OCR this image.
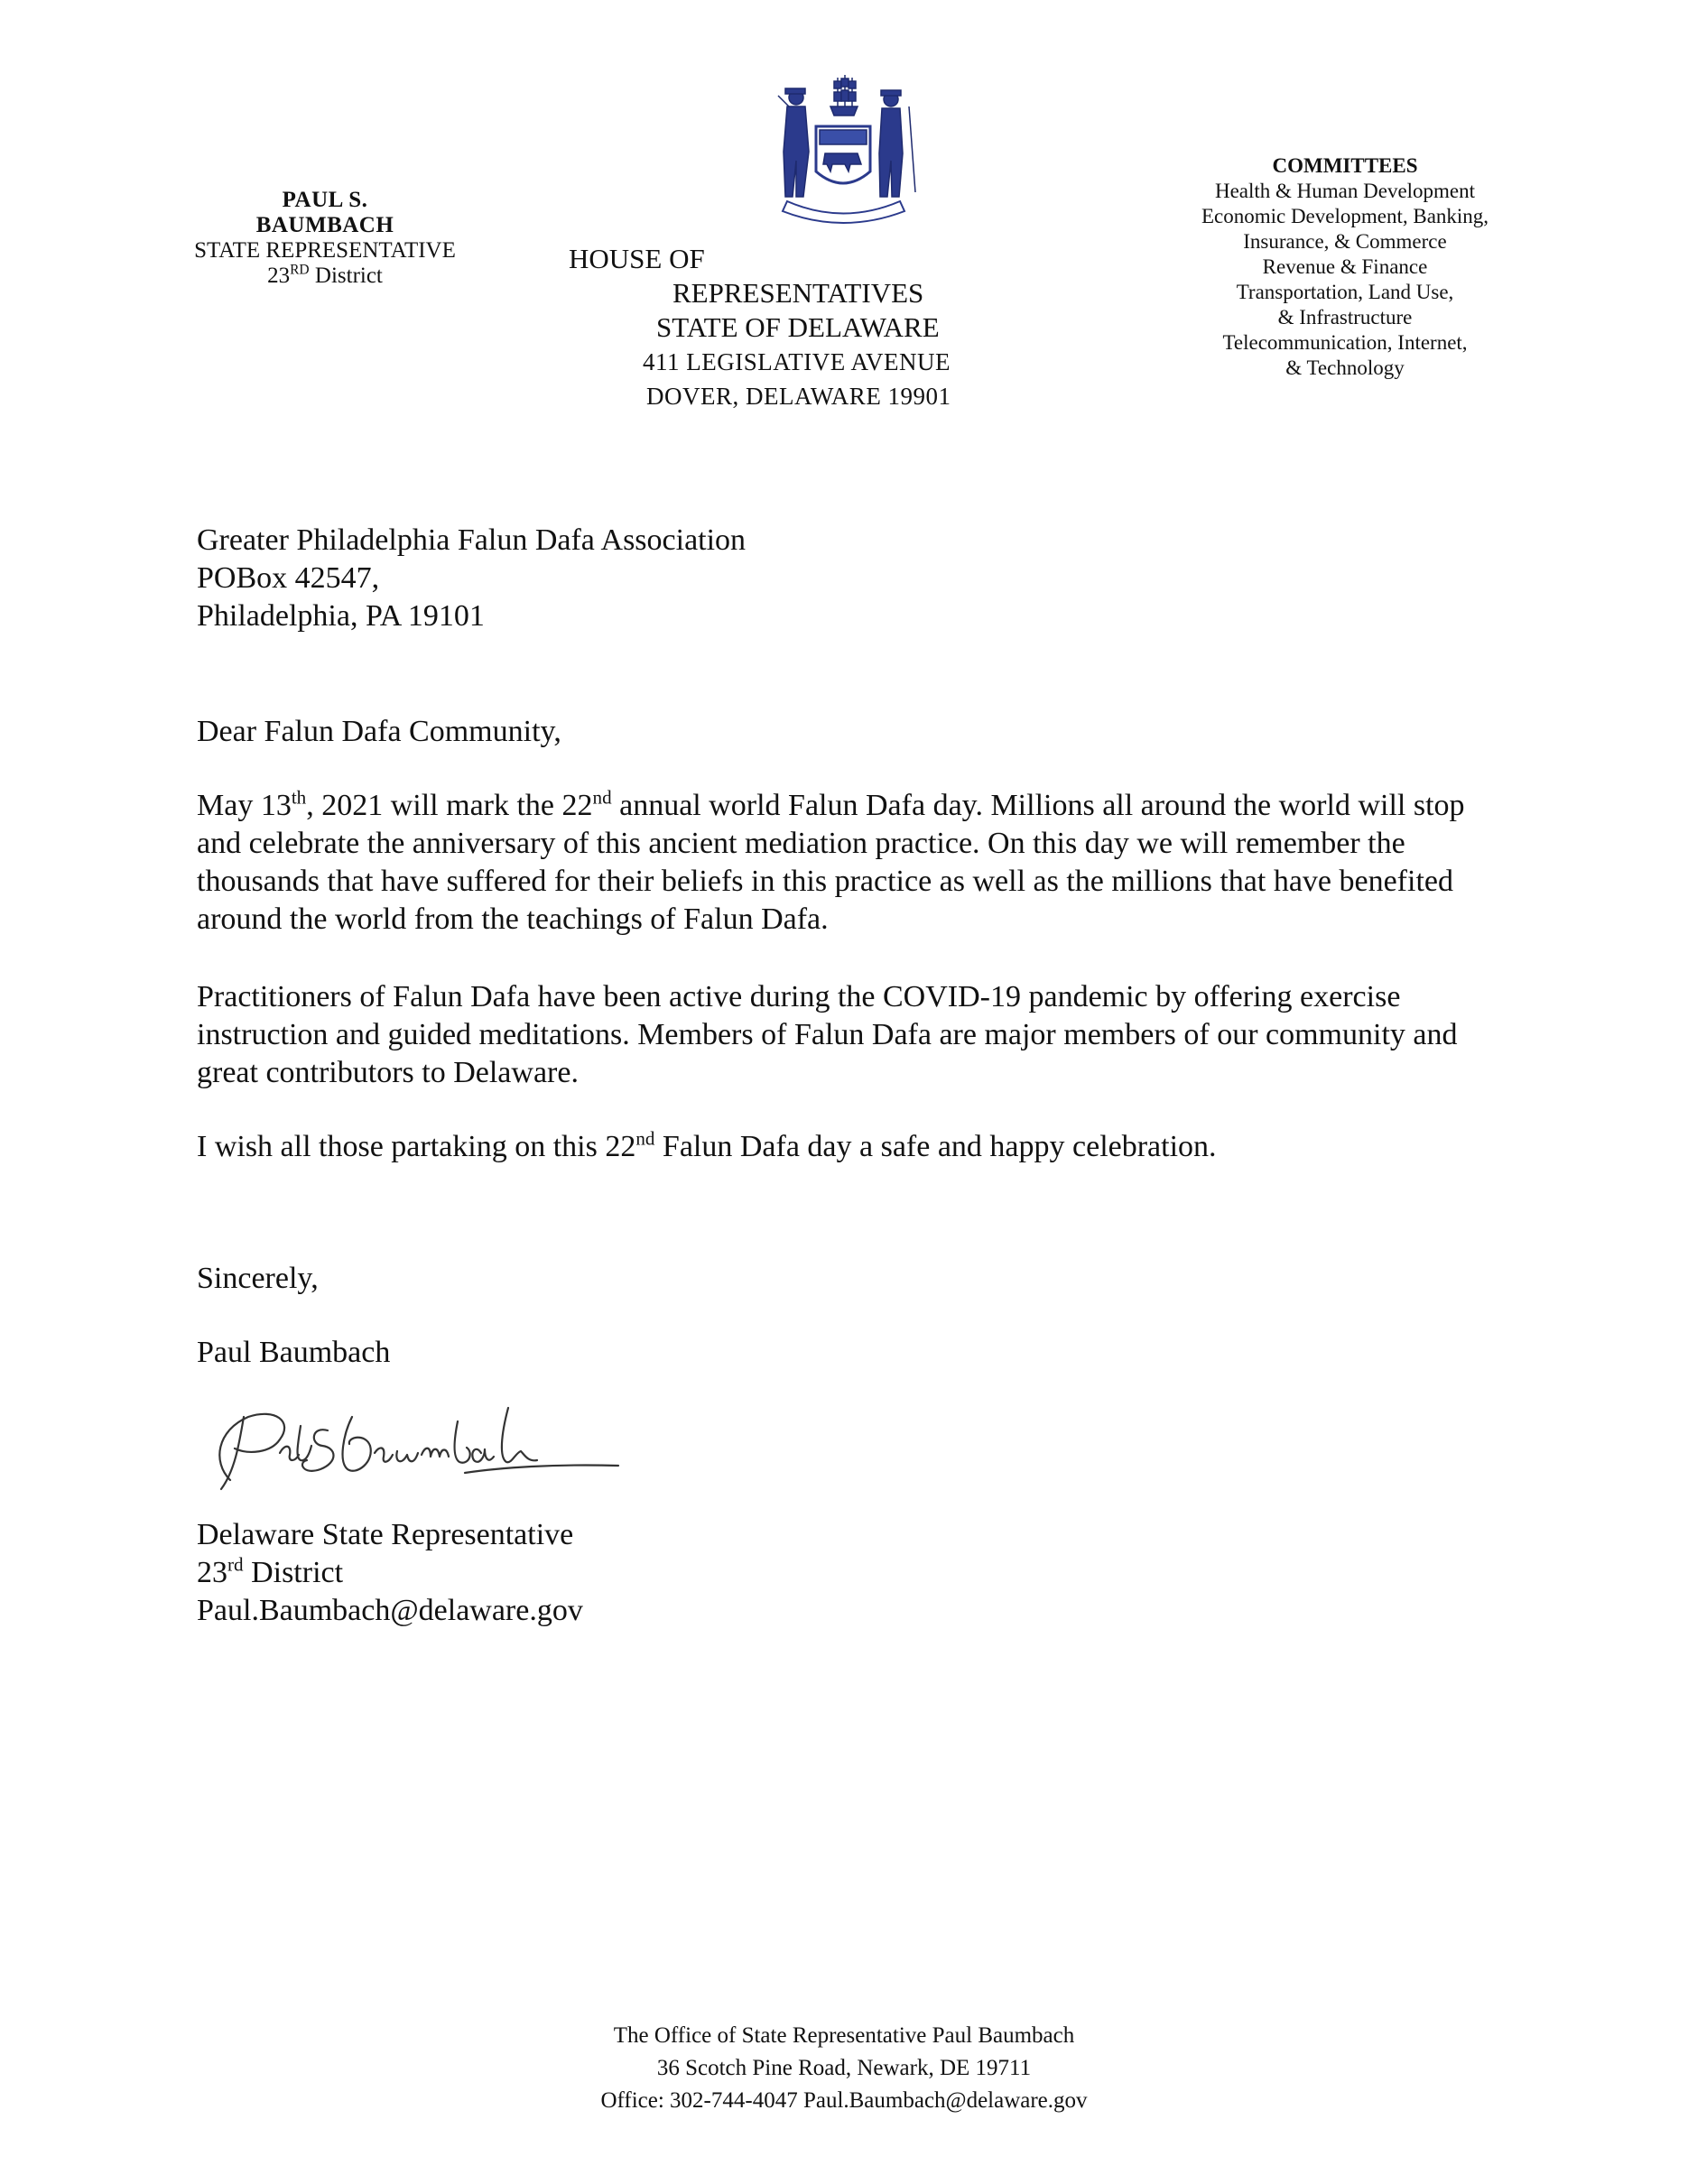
PAUL S.
BAUMBACH
STATE REPRESENTATIVE
23RD District
HOUSE OF
REPRESENTATIVES
STATE OF DELAWARE
411 LEGISLATIVE AVENUE
DOVER, DELAWARE 19901
COMMITTEES
Health & Human Development
Economic Development, Banking,
Insurance, & Commerce
Revenue & Finance
Transportation, Land Use,
& Infrastructure
Telecommunication, Internet,
& Technology
Greater Philadelphia Falun Dafa Association
POBox 42547,
Philadelphia, PA 19101
Dear Falun Dafa Community,
May 13th, 2021 will mark the 22nd annual world Falun Dafa day. Millions all around the world will stop and celebrate the anniversary of this ancient mediation practice. On this day we will remember the thousands that have suffered for their beliefs in this practice as well as the millions that have benefited around the world from the teachings of Falun Dafa.
Practitioners of Falun Dafa have been active during the COVID-19 pandemic by offering exercise instruction and guided meditations. Members of Falun Dafa are major members of our community and great contributors to Delaware.
I wish all those partaking on this 22nd Falun Dafa day a safe and happy celebration.
Sincerely,
Paul Baumbach
Delaware State Representative
23rd District
Paul.Baumbach@delaware.gov
The Office of State Representative Paul Baumbach
36 Scotch Pine Road, Newark, DE 19711
Office: 302-744-4047 Paul.Baumbach@delaware.gov
